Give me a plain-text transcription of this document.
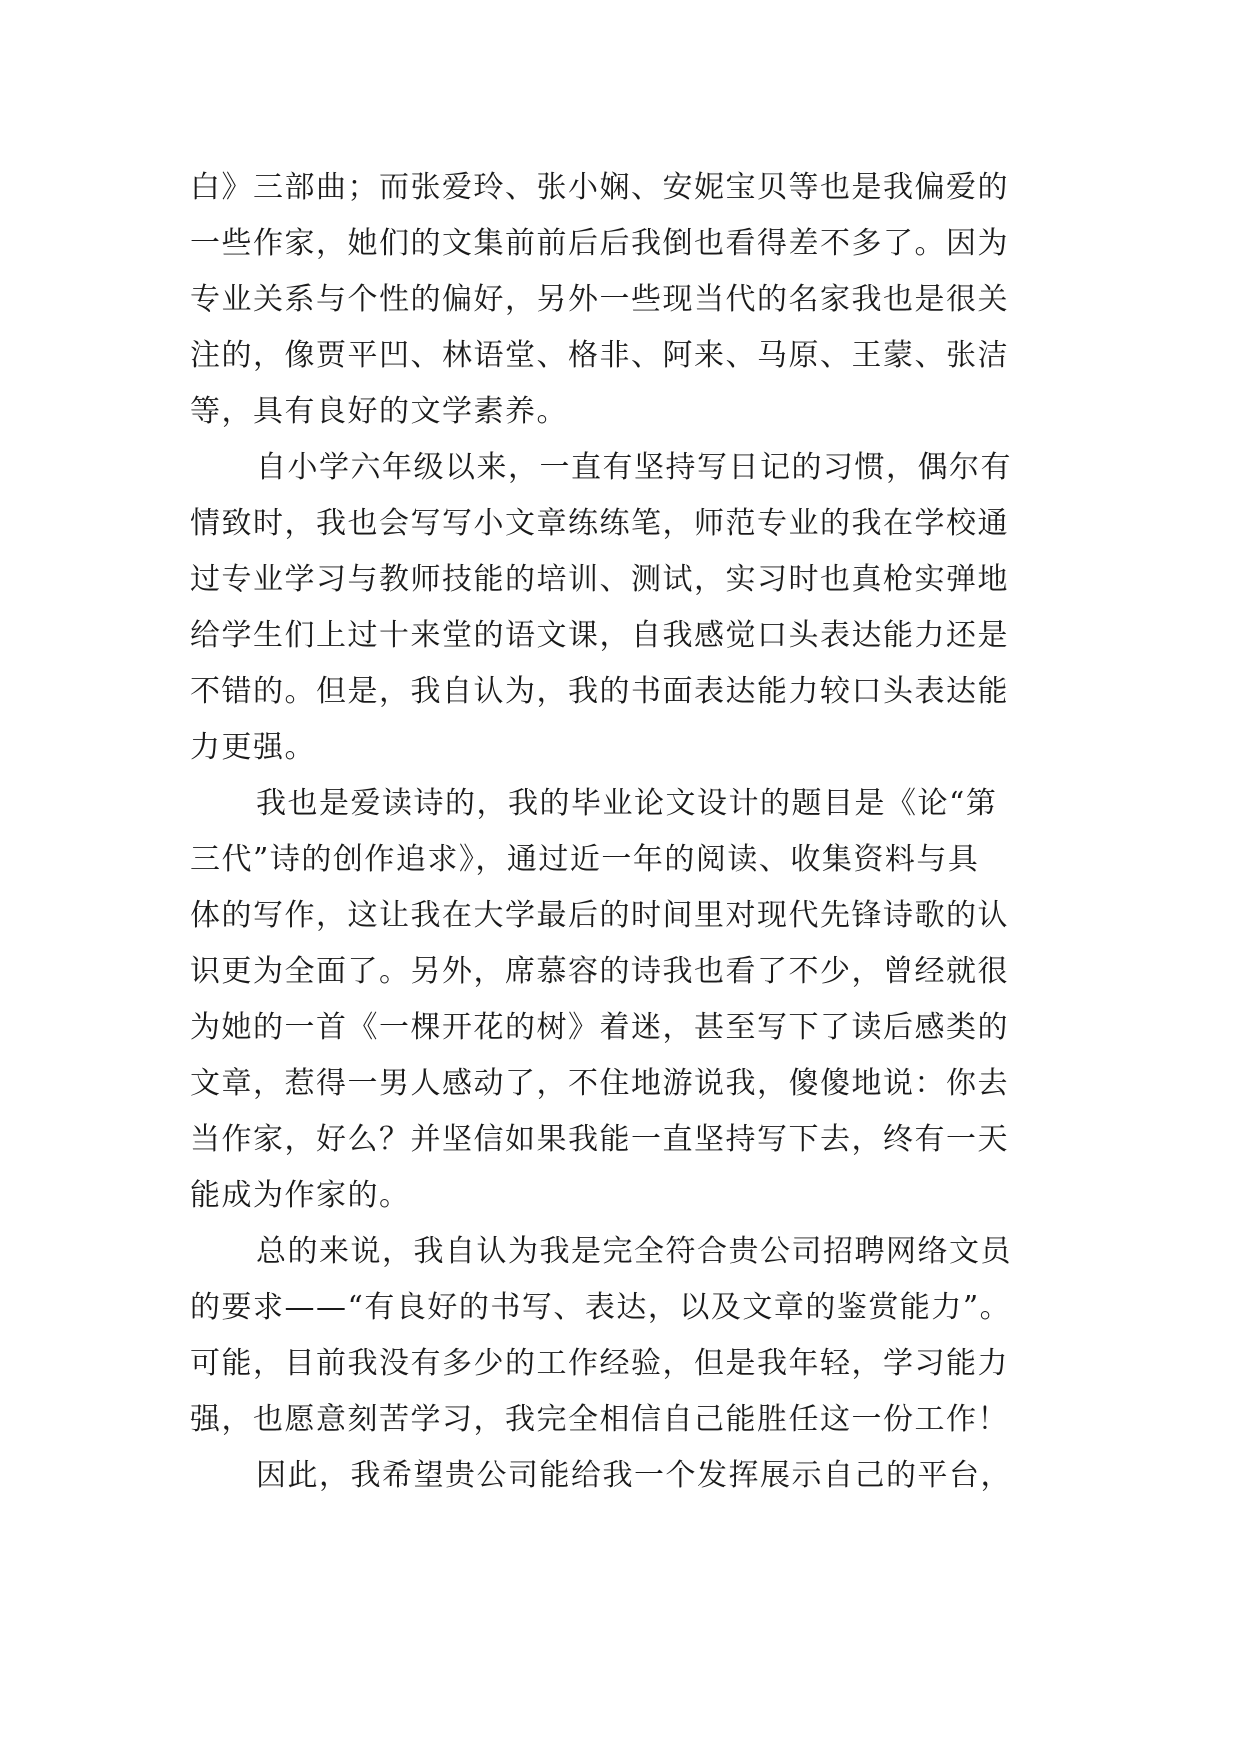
白》三部曲；而张爱玲、张小娴、安妮宝贝等也是我偏爱的
一些作家，她们的文集前前后后我倒也看得差不多了。因为
专业关系与个性的偏好，另外一些现当代的名家我也是很关
注的，像贾平凹、林语堂、格非、阿来、马原、王蒙、张洁
等，具有良好的文学素养。
自小学六年级以来，一直有坚持写日记的习惯，偶尔有
情致时，我也会写写小文章练练笔，师范专业的我在学校通
过专业学习与教师技能的培训、测试，实习时也真枪实弹地
给学生们上过十来堂的语文课，自我感觉口头表达能力还是
不错的。但是，我自认为，我的书面表达能力较口头表达能
力更强。
我也是爱读诗的，我的毕业论文设计的题目是《论“第
三代”诗的创作追求》，通过近一年的阅读、收集资料与具
体的写作，这让我在大学最后的时间里对现代先锋诗歌的认
识更为全面了。另外，席慕容的诗我也看了不少，曾经就很
为她的一首《一棵开花的树》着迷，甚至写下了读后感类的
文章，惹得一男人感动了，不住地游说我，傻傻地说：你去
当作家，好么？并坚信如果我能一直坚持写下去，终有一天
能成为作家的。
总的来说，我自认为我是完全符合贵公司招聘网络文员
的要求——“有良好的书写、表达，以及文章的鉴赏能力”。
可能，目前我没有多少的工作经验，但是我年轻，学习能力
强，也愿意刻苦学习，我完全相信自己能胜任这一份工作！
因此，我希望贵公司能给我一个发挥展示自己的平台，
